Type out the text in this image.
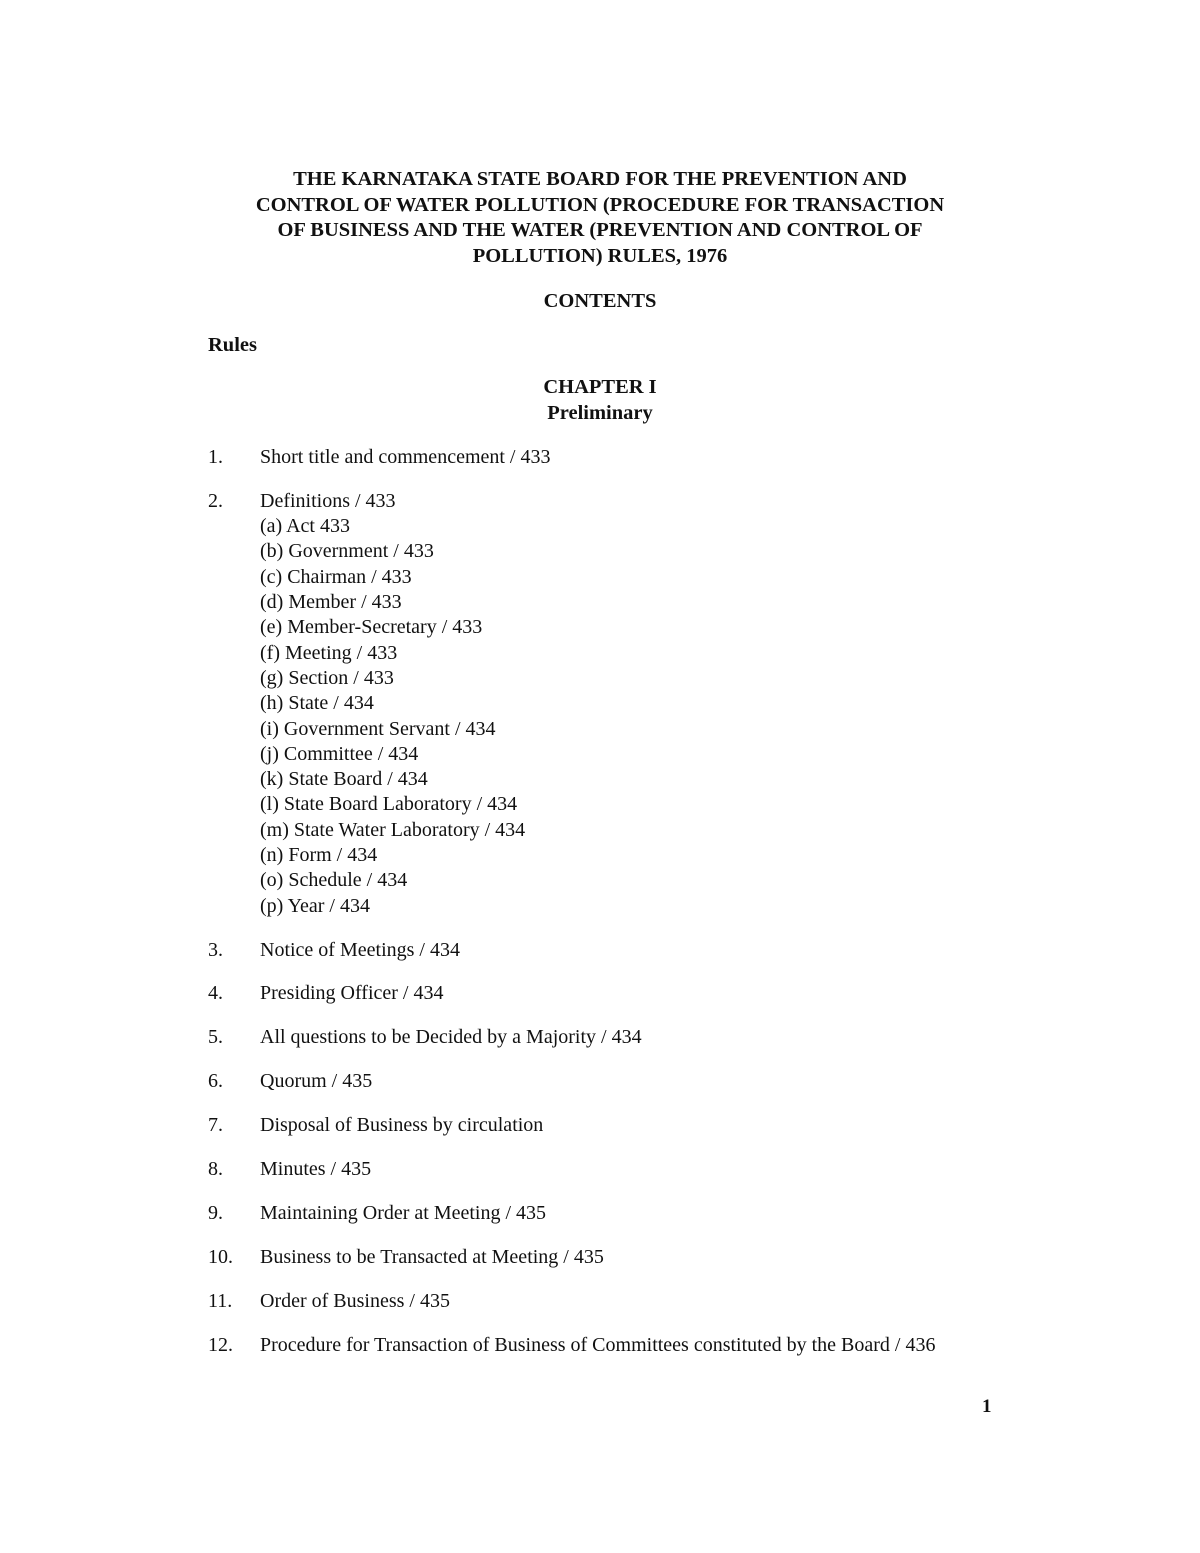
THE KARNATAKA STATE BOARD FOR THE PREVENTION AND
CONTROL OF WATER POLLUTION (PROCEDURE FOR TRANSACTION
OF BUSINESS AND THE WATER (PREVENTION AND CONTROL OF
POLLUTION) RULES, 1976
CONTENTS
Rules
CHAPTER I
Preliminary
1. Short title and commencement / 433
2. Definitions / 433
(a) Act 433
(b) Government / 433
(c) Chairman / 433
(d) Member / 433
(e) Member-Secretary / 433
(f) Meeting / 433
(g) Section / 433
(h) State / 434
(i) Government Servant / 434
(j) Committee / 434
(k) State Board / 434
(l) State Board Laboratory / 434
(m) State Water Laboratory / 434
(n) Form / 434
(o) Schedule / 434
(p) Year / 434
3. Notice of Meetings / 434
4. Presiding Officer / 434
5. All questions to be Decided by a Majority / 434
6. Quorum / 435
7. Disposal of Business by circulation
8. Minutes / 435
9. Maintaining Order at Meeting / 435
10. Business to be Transacted at Meeting / 435
11. Order of Business / 435
12. Procedure for Transaction of Business of Committees constituted by the Board / 436
1
